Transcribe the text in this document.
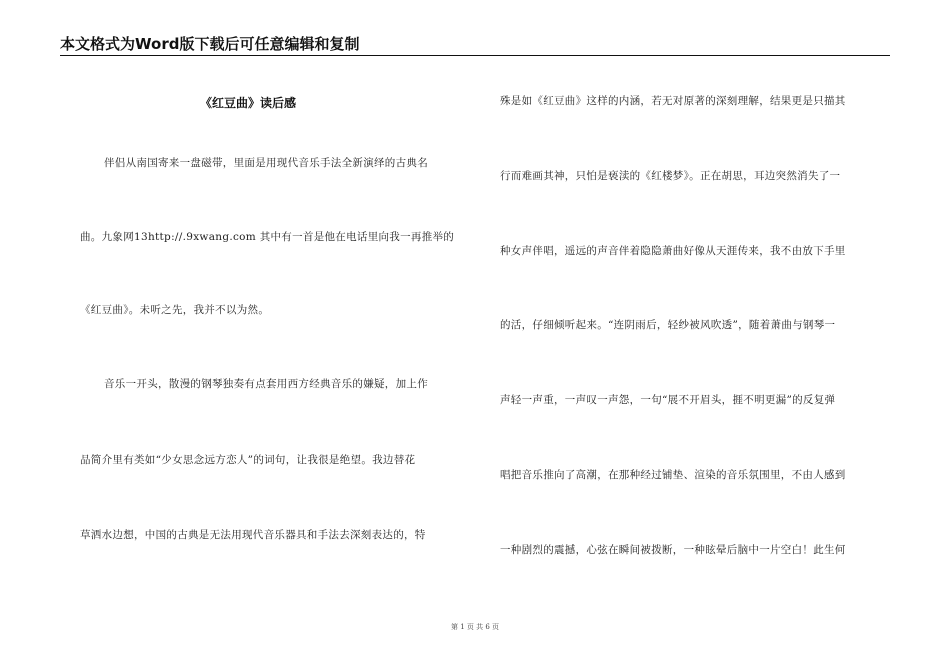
本文格式为Word版下载后可任意编辑和复制
《红豆曲》读后感
伴侣从南国寄来一盘磁带，里面是用现代音乐手法全新演绎的古典名
曲。九象网13http://.9xwang.com 其中有一首是他在电话里向我一再推举的
《红豆曲》。未听之先，我并不以为然。
音乐一开头，散漫的钢琴独奏有点套用西方经典音乐的嫌疑，加上作
品简介里有类如“少女思念远方恋人”的词句，让我很是绝望。我边替花
草洒水边想，中国的古典是无法用现代音乐器具和手法去深刻表达的，特
殊是如《红豆曲》这样的内涵，若无对原著的深刻理解，结果更是只描其
行而难画其神，只怕是亵渎的《红楼梦》。正在胡思，耳边突然消失了一
种女声伴唱，遥远的声音伴着隐隐萧曲好像从天涯传来，我不由放下手里
的活，仔细倾听起来。“连阴雨后，轻纱被风吹透”，随着萧曲与钢琴一
声轻一声重，一声叹一声怨，一句“展不开眉头，捱不明更漏”的反复弹
唱把音乐推向了高潮，在那种经过铺垫、渲染的音乐氛围里，不由人感到
一种剧烈的震撼，心弦在瞬间被拨断，一种眩晕后脑中一片空白！此生何
第 1 页 共 6 页
